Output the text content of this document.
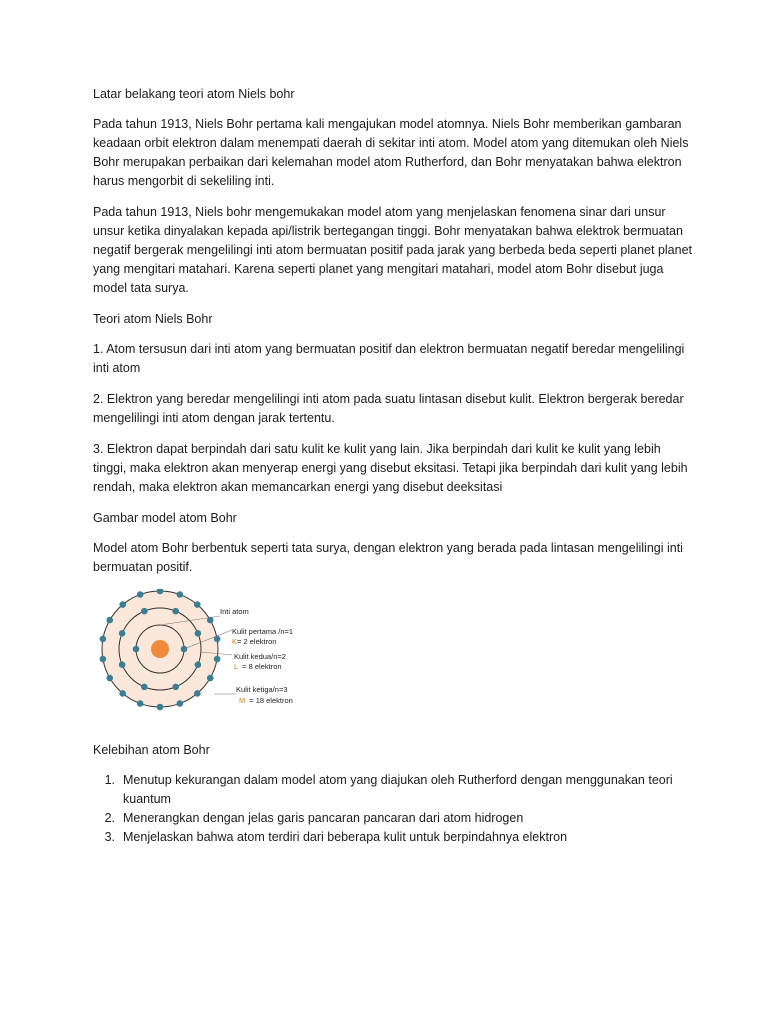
Latar belakang teori atom Niels bohr

Pada tahun 1913, Niels Bohr pertama kali mengajukan model atomnya. Niels Bohr memberikan gambaran keadaan orbit elektron dalam menempati daerah di sekitar inti atom. Model atom yang ditemukan oleh Niels Bohr merupakan perbaikan dari kelemahan model atom Rutherford, dan Bohr menyatakan bahwa elektron harus mengorbit di sekeliling inti.

Pada tahun 1913, Niels bohr mengemukakan model atom yang menjelaskan fenomena sinar dari unsur unsur ketika dinyalakan kepada api/listrik bertegangan tinggi. Bohr menyatakan bahwa elektrok bermuatan negatif bergerak mengelilingi inti atom bermuatan positif pada jarak yang berbeda beda seperti planet planet yang mengitari matahari. Karena seperti planet yang mengitari matahari, model atom Bohr disebut juga model tata surya.

Teori atom Niels Bohr

1. Atom tersusun dari inti atom yang bermuatan positif dan elektron bermuatan negatif beredar mengelilingi inti atom

2. Elektron yang beredar mengelilingi inti atom pada suatu lintasan disebut kulit. Elektron bergerak beredar mengelilingi inti atom dengan jarak tertentu.

3. Elektron dapat berpindah dari satu kulit ke kulit yang lain. Jika berpindah dari kulit ke kulit yang lebih tinggi, maka elektron akan menyerap energi yang disebut eksitasi. Tetapi jika berpindah dari kulit yang lebih rendah, maka elektron akan memancarkan energi yang disebut deeksitasi

Gambar model atom Bohr

Model atom Bohr berbentuk seperti tata surya, dengan elektron yang berada pada lintasan mengelilingi inti bermuatan positif.

Inti atom
Kulit pertama /n=1
K= 2 elektron
Kulit kedua/n=2
L = 8 elektron
Kulit ketiga/n=3
M = 18 elektron

Kelebihan atom Bohr

1. Menutup kekurangan dalam model atom yang diajukan oleh Rutherford dengan menggunakan teori kuantum
2. Menerangkan dengan jelas garis pancaran pancaran dari atom hidrogen
3. Menjelaskan bahwa atom terdiri dari beberapa kulit untuk berpindahnya elektron
